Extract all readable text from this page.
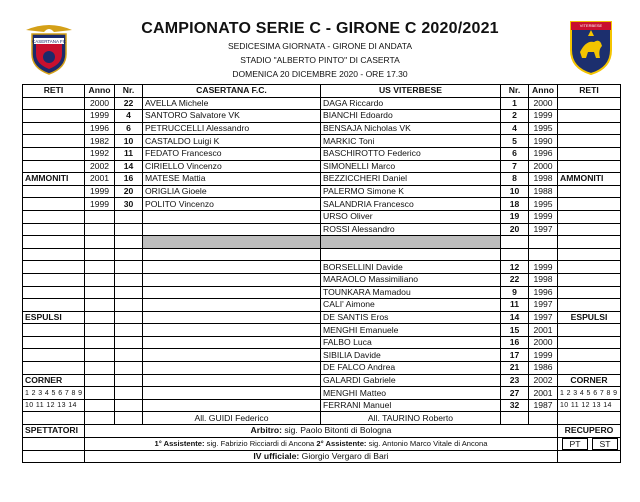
CASERTANA FC
VITERBESE
CAMPIONATO SERIE C - GIRONE C 2020/2021
SEDICESIMA GIORNATA - GIRONE DI ANDATA
STADIO "ALBERTO PINTO" DI CASERTA
DOMENICA 20 DICEMBRE 2020 - ORE 17.30
RETI	Anno	Nr.	CASERTANA F.C.	US VITERBESE	Nr.	Anno	RETI
	2000	22	AVELLA Michele	DAGA Riccardo	1	2000	
	1999	4	SANTORO Salvatore VK	BIANCHI Edoardo	2	1999	
	1996	6	PETRUCCELLI Alessandro	BENSAJA Nicholas VK	4	1995	
	1982	10	CASTALDO Luigi K	MARKIC Toni	5	1990	
	1992	11	FEDATO Francesco	BASCHIROTTO Federico	6	1996	
	2002	14	CIRIELLO Vincenzo	SIMONELLI Marco	7	2000	
AMMONITI	2001	16	MATESE Mattia	BEZZICCHERI Daniel	8	1998	AMMONITI
	1999	20	ORIGLIA Gioele	PALERMO Simone K	10	1988	
	1999	30	POLITO Vincenzo	SALANDRIA Francesco	18	1995	
				URSO Oliver	19	1999	
				ROSSI Alessandro	20	1997	

				BORSELLINI Davide	12	1999	
				MARAOLO Massimiliano	22	1998	
				TOUNKARA Mamadou	9	1996	
				CALI' Aimone	11	1997	
ESPULSI				DE SANTIS Eros	14	1997	ESPULSI
				MENGHI Emanuele	15	2001	
				FALBO Luca	16	2000	
				SIBILIA Davide	17	1999	
				DE FALCO Andrea	21	1986	
CORNER				GALARDI Gabriele	23	2002	CORNER
1 2 3 4 5 6 7 8 9				MENGHI Matteo	27	2001	1 2 3 4 5 6 7 8 9
10 11 12 13 14				FERRANI Manuel	32	1987	10 11 12 13 14
			All. GUIDI Federico	All. TAURINO Roberto			
SPETTATORI	Arbitro: sig. Paolo Bitonti di Bologna						RECUPERO
	1° Assistente: sig. Fabrizio Ricciardi di Ancona 2° Assistente: sig. Antonio Marco Vitale di Ancona						PT ST
	IV ufficiale: Giorgio Vergaro di Bari						
